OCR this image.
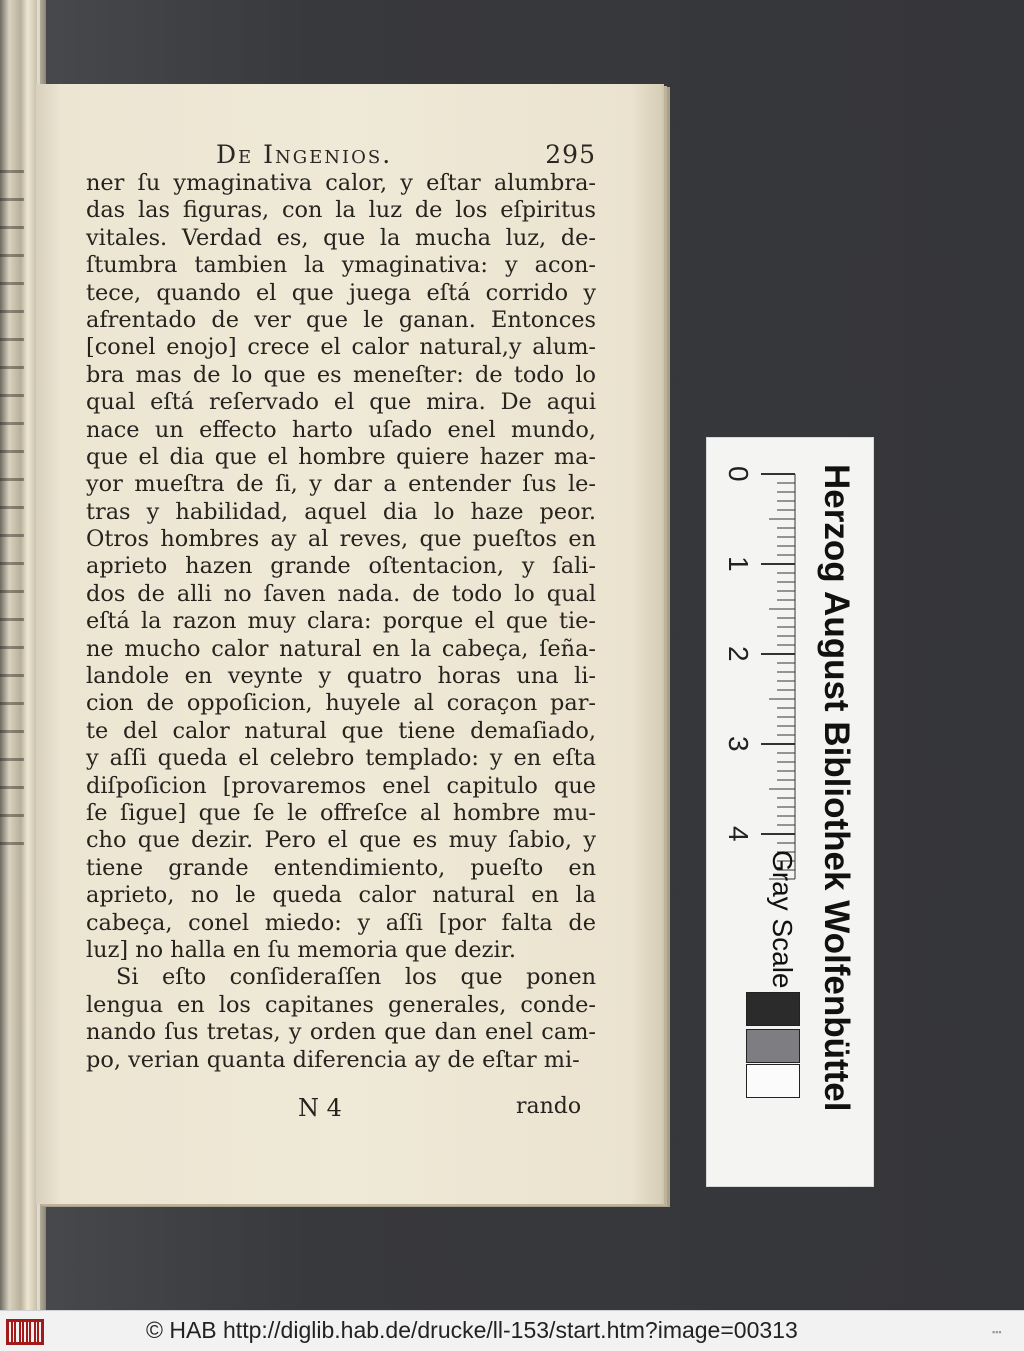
De Ingenios.	295
ner ſu ymaginativa calor, y eſtar alumbra-
das las figuras, con la luz de los eſpiritus
vitales. Verdad es, que la mucha luz, de-
ſtumbra tambien la ymaginativa: y acon-
tece, quando el que juega eſtá corrido y
afrentado de ver que le ganan. Entonces
[conel enojo] crece el calor natural,y alum-
bra mas de lo que es meneſter: de todo lo
qual eſtá reſervado el que mira. De aqui
nace un effecto harto uſado enel mundo,
que el dia que el hombre quiere hazer ma-
yor mueſtra de ſi, y dar a entender ſus le-
tras y habilidad, aquel dia lo haze peor.
Otros hombres ay al reves, que pueſtos en
aprieto hazen grande oſtentacion, y ſali-
dos de alli no ſaven nada. de todo lo qual
eſtá la razon muy clara: porque el que tie-
ne mucho calor natural en la cabeça, ſeña-
landole en veynte y quatro horas una li-
cion de oppoſicion, huyele al coraçon par-
te del calor natural que tiene demaſiado,
y aſſi queda el celebro templado: y en eſta
diſpoſicion [provaremos enel capitulo que
ſe ſigue] que ſe le offreſce al hombre mu-
cho que dezir. Pero el que es muy ſabio, y
tiene grande entendimiento, pueſto en
aprieto, no le queda calor natural en la
cabeça, conel miedo: y aſſi [por falta de
luz] no halla en ſu memoria que dezir.
Si eſto conſideraſſen los que ponen
lengua en los capitanes generales, conde-
nando ſus tretas, y orden que dan enel cam-
po, verian quanta diferencia ay de eſtar mi-
N 4	rando
0
1
2
3
4 Herzog August Bibliothek Wolfenbüttel
Gray Scale
© HAB http://diglib.hab.de/drucke/ll-153/start.htm?image=00313	▪▪▪
